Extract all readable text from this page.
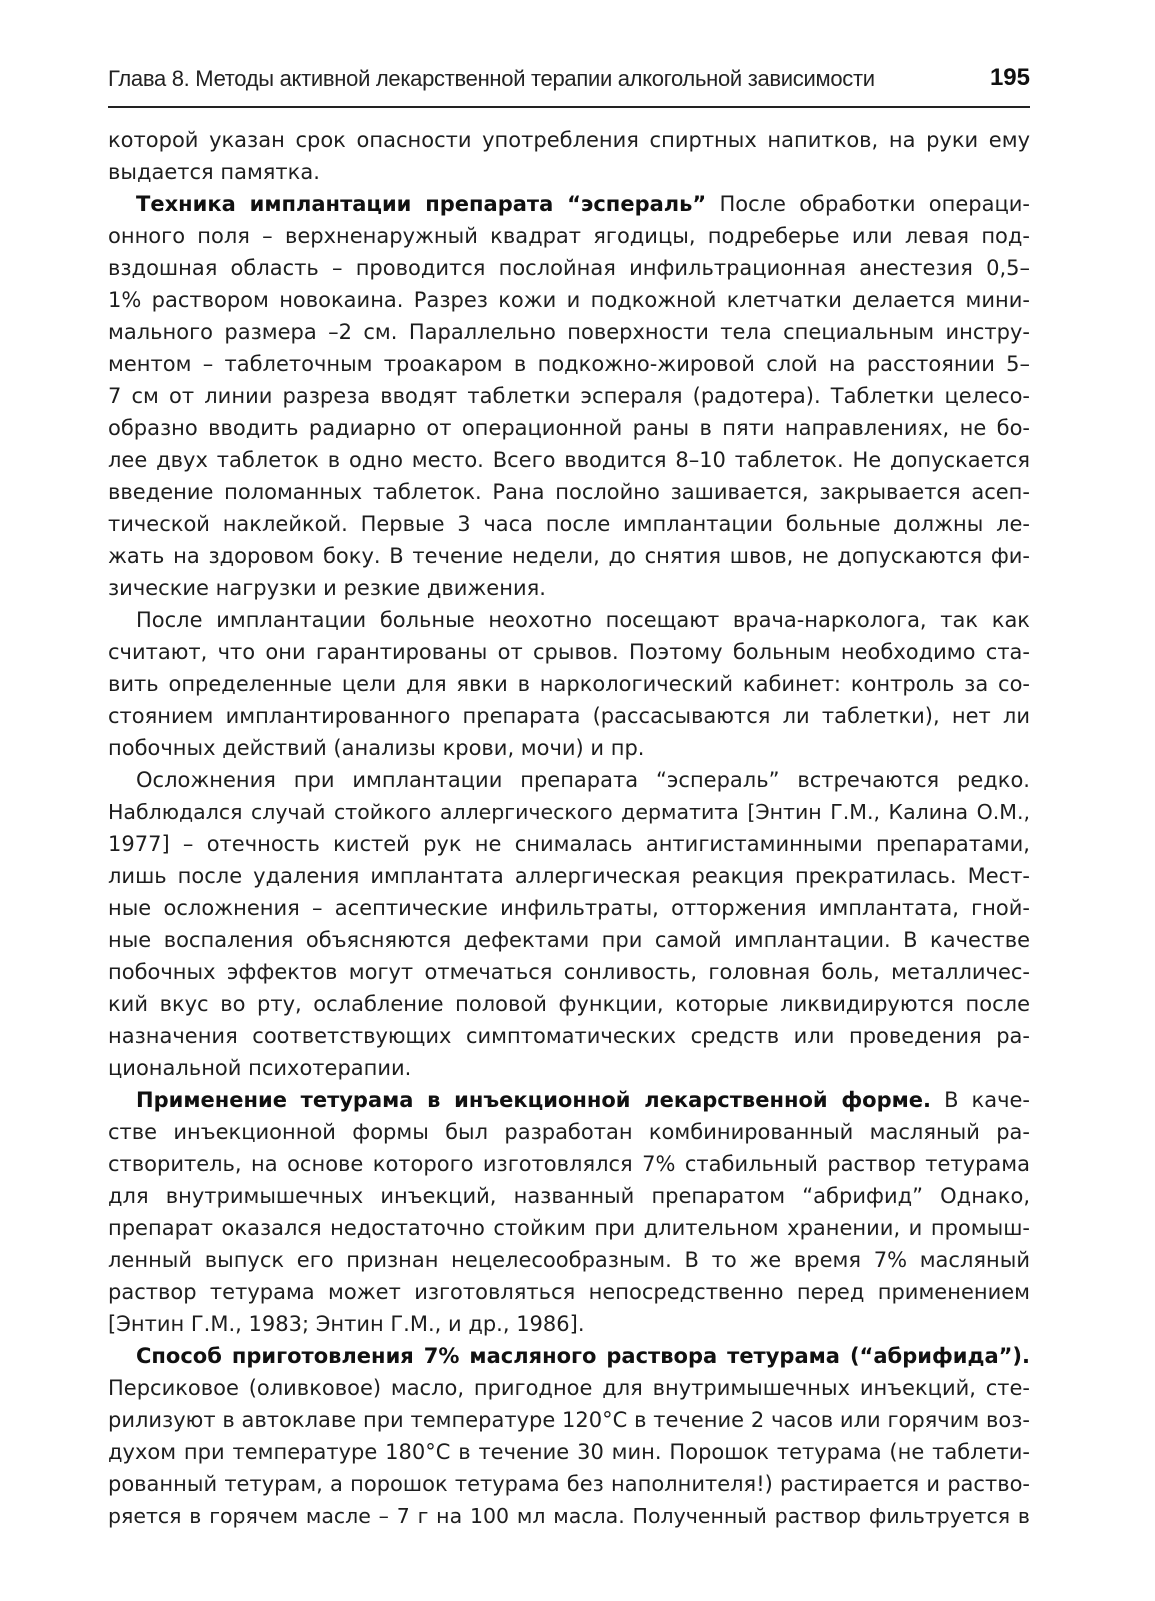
Глава 8. Методы активной лекарственной терапии алкогольной зависимости	195
которой указан срок опасности употребления спиртных напитков, на руки ему
выдается памятка.
Техника имплантации препарата “эспераль” После обработки операци-
онного поля – верхненаружный квадрат ягодицы, подреберье или левая под-
вздошная область – проводится послойная инфильтрационная анестезия 0,5–
1% раствором новокаина. Разрез кожи и подкожной клетчатки делается мини-
мального размера –2 см. Параллельно поверхности тела специальным инстру-
ментом – таблеточным троакаром в подкожно-жировой слой на расстоянии 5–
7 см от линии разреза вводят таблетки эспераля (радотера). Таблетки целесо-
образно вводить радиарно от операционной раны в пяти направлениях, не бо-
лее двух таблеток в одно место. Всего вводится 8–10 таблеток. Не допускается
введение поломанных таблеток. Рана послойно зашивается, закрывается асеп-
тической наклейкой. Первые 3 часа после имплантации больные должны ле-
жать на здоровом боку. В течение недели, до снятия швов, не допускаются фи-
зические нагрузки и резкие движения.
После имплантации больные неохотно посещают врача-нарколога, так как
считают, что они гарантированы от срывов. Поэтому больным необходимо ста-
вить определенные цели для явки в наркологический кабинет: контроль за со-
стоянием имплантированного препарата (рассасываются ли таблетки), нет ли
побочных действий (анализы крови, мочи) и пр.
Осложнения при имплантации препарата “эспераль” встречаются редко.
Наблюдался случай стойкого аллергического дерматита [Энтин Г.М., Калина О.М.,
1977] – отечность кистей рук не снималась антигистаминными препаратами,
лишь после удаления имплантата аллергическая реакция прекратилась. Мест-
ные осложнения – асептические инфильтраты, отторжения имплантата, гной-
ные воспаления объясняются дефектами при самой имплантации. В качестве
побочных эффектов могут отмечаться сонливость, головная боль, металличес-
кий вкус во рту, ослабление половой функции, которые ликвидируются после
назначения соответствующих симптоматических средств или проведения ра-
циональной психотерапии.
Применение тетурама в инъекционной лекарственной форме. В каче-
стве инъекционной формы был разработан комбинированный масляный ра-
створитель, на основе которого изготовлялся 7% стабильный раствор тетурама
для внутримышечных инъекций, названный препаратом “абрифид” Однако,
препарат оказался недостаточно стойким при длительном хранении, и промыш-
ленный выпуск его признан нецелесообразным. В то же время 7% масляный
раствор тетурама может изготовляться непосредственно перед применением
[Энтин Г.М., 1983; Энтин Г.М., и др., 1986].
Способ приготовления 7% масляного раствора тетурама (“абрифида”).
Персиковое (оливковое) масло, пригодное для внутримышечных инъекций, сте-
рилизуют в автоклаве при температуре 120°С в течение 2 часов или горячим воз-
духом при температуре 180°С в течение 30 мин. Порошок тетурама (не таблети-
рованный тетурам, а порошок тетурама без наполнителя!) растирается и раство-
ряется в горячем масле – 7 г на 100 мл масла. Полученный раствор фильтруется в
